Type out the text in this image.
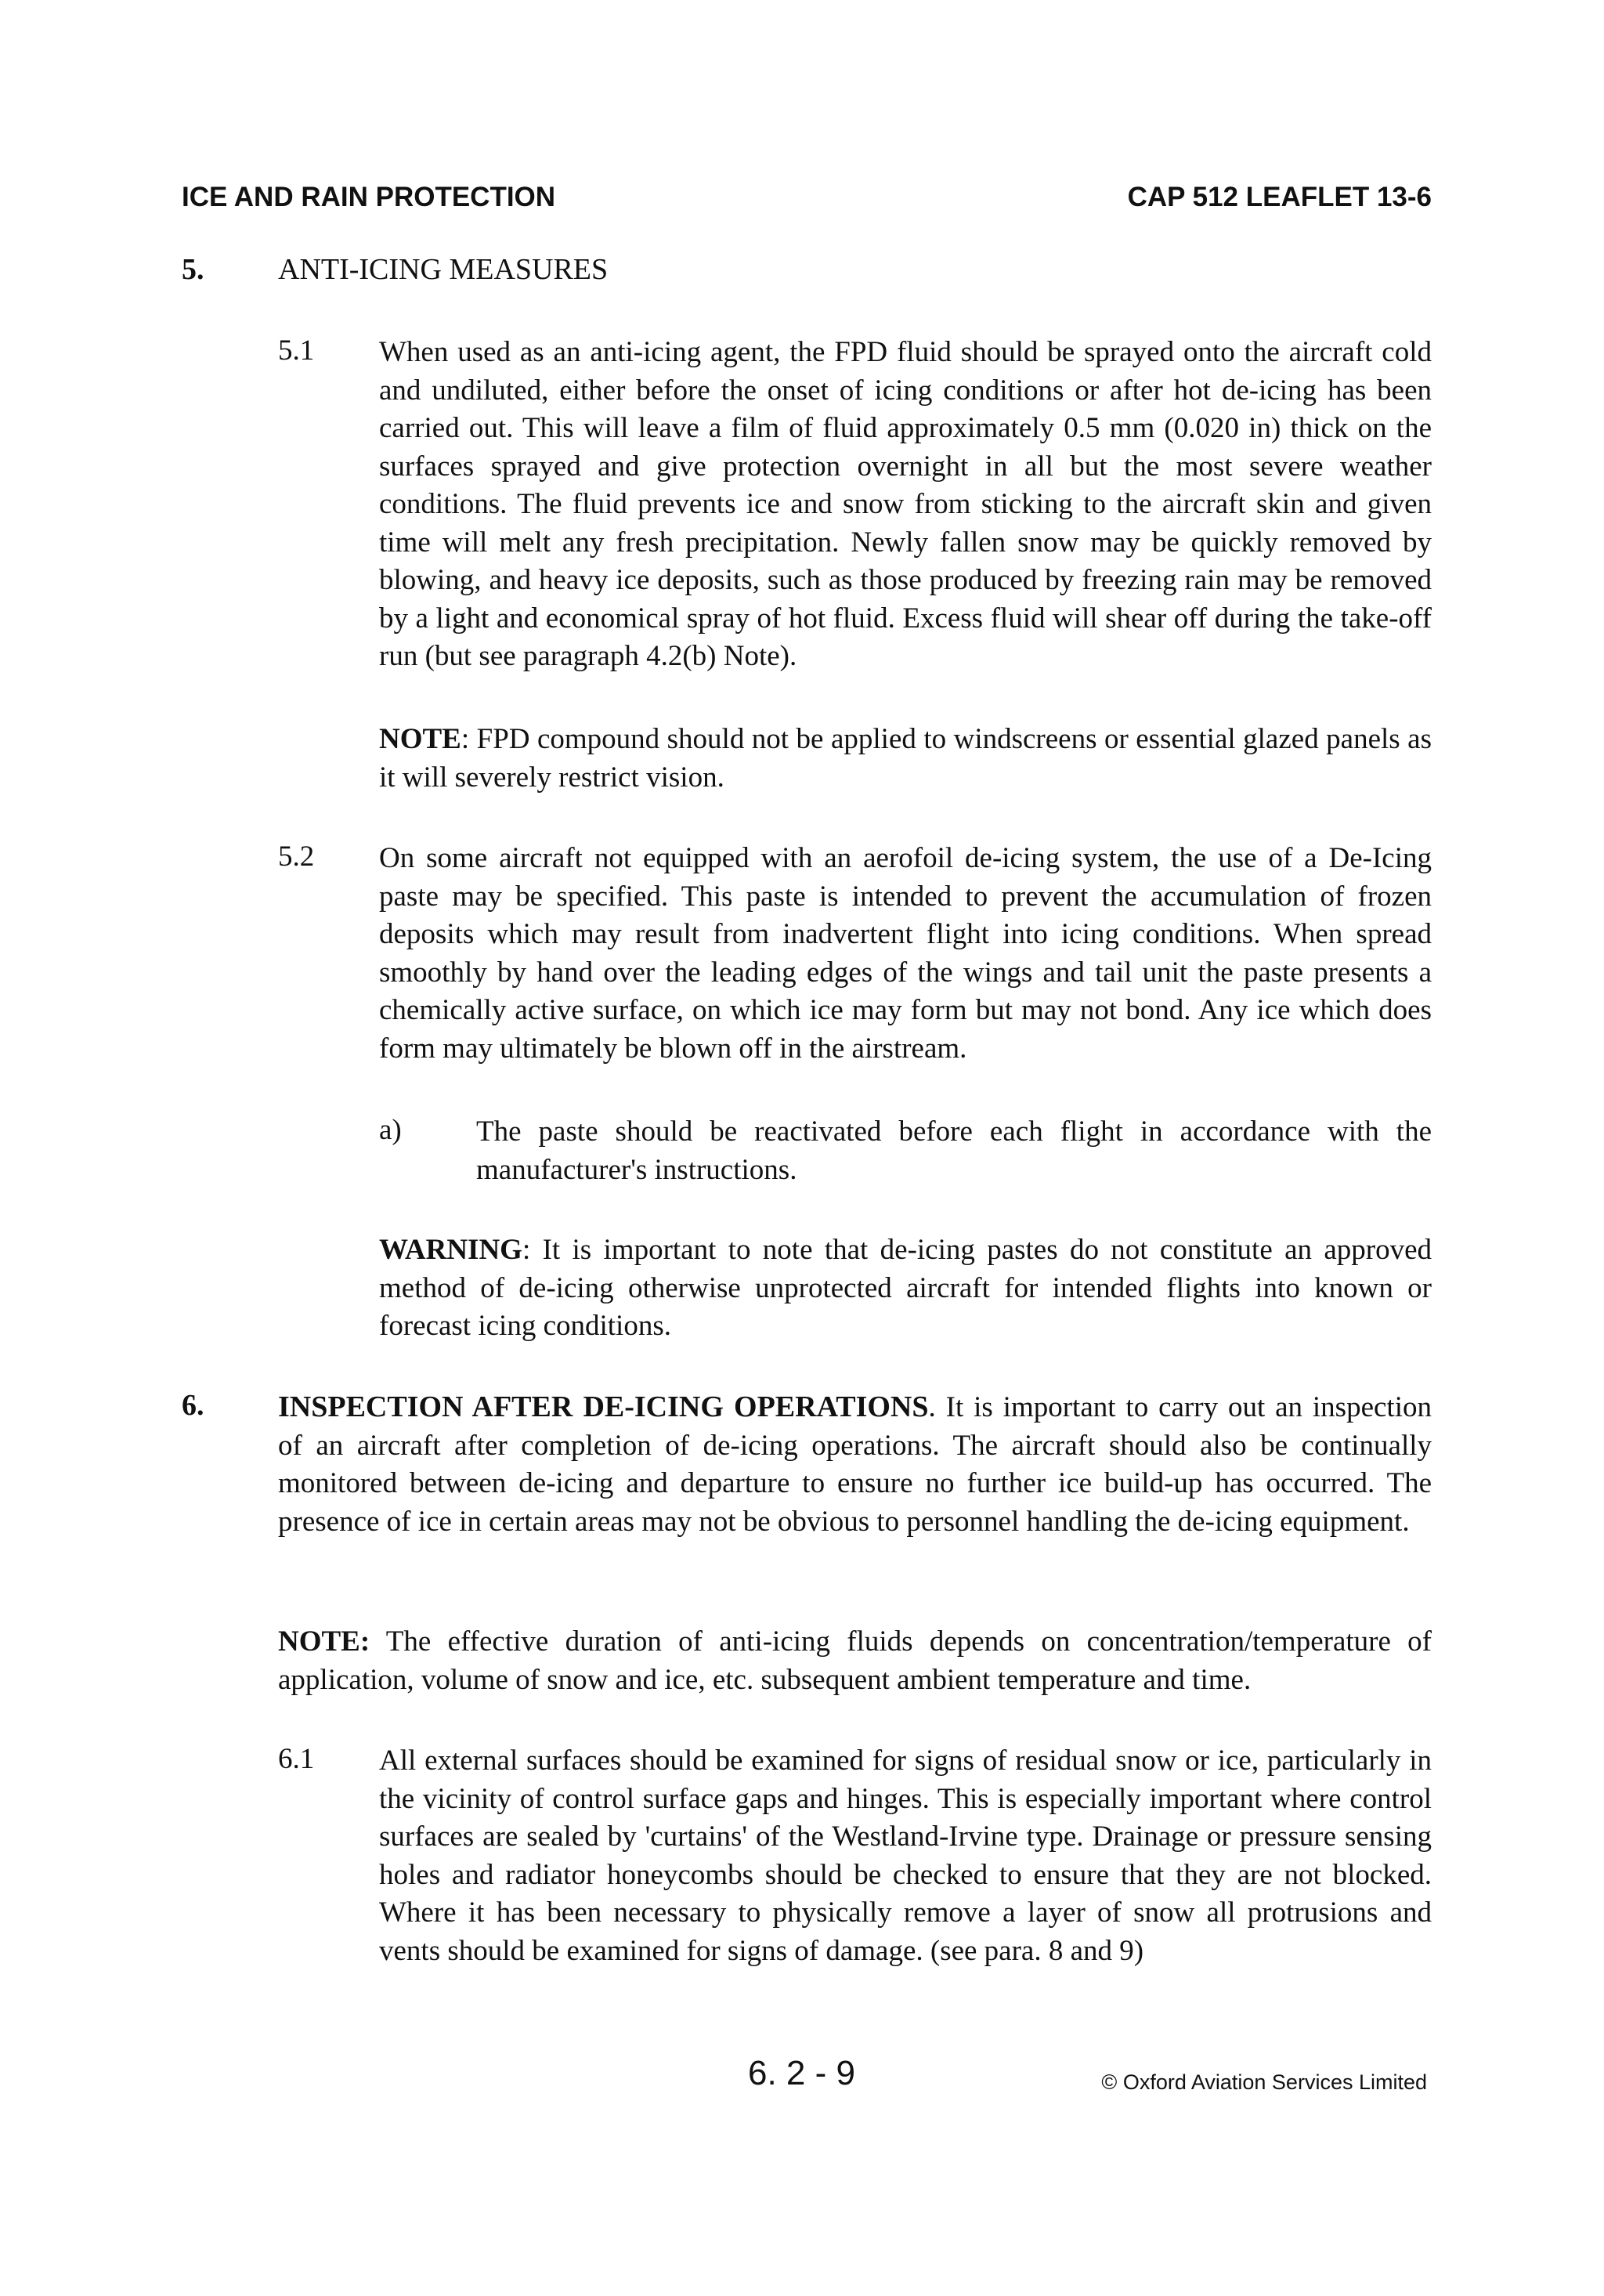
ICE AND RAIN PROTECTION	CAP 512 LEAFLET 13-6
5. ANTI-ICING MEASURES
5.1 When used as an anti-icing agent, the FPD fluid should be sprayed onto the aircraft cold and undiluted, either before the onset of icing conditions or after hot de-icing has been carried out. This will leave a film of fluid approximately 0.5 mm (0.020 in) thick on the surfaces sprayed and give protection overnight in all but the most severe weather conditions. The fluid prevents ice and snow from sticking to the aircraft skin and given time will melt any fresh precipitation. Newly fallen snow may be quickly removed by blowing, and heavy ice deposits, such as those produced by freezing rain may be removed by a light and economical spray of hot fluid. Excess fluid will shear off during the take-off run (but see paragraph 4.2(b) Note).

NOTE: FPD compound should not be applied to windscreens or essential glazed panels as it will severely restrict vision.

5.2 On some aircraft not equipped with an aerofoil de-icing system, the use of a De-Icing paste may be specified. This paste is intended to prevent the accumulation of frozen deposits which may result from inadvertent flight into icing conditions. When spread smoothly by hand over the leading edges of the wings and tail unit the paste presents a chemically active surface, on which ice may form but may not bond. Any ice which does form may ultimately be blown off in the airstream.

a)	The paste should be reactivated before each flight in accordance with the manufacturer's instructions.

WARNING: It is important to note that de-icing pastes do not constitute an approved method of de-icing otherwise unprotected aircraft for intended flights into known or forecast icing conditions.

6. INSPECTION AFTER DE-ICING OPERATIONS. It is important to carry out an inspection of an aircraft after completion of de-icing operations. The aircraft should also be continually monitored between de-icing and departure to ensure no further ice build-up has occurred. The presence of ice in certain areas may not be obvious to personnel handling the de-icing equipment.

NOTE: The effective duration of anti-icing fluids depends on concentration/temperature of application, volume of snow and ice, etc. subsequent ambient temperature and time.

6.1 All external surfaces should be examined for signs of residual snow or ice, particularly in the vicinity of control surface gaps and hinges. This is especially important where control surfaces are sealed by 'curtains' of the Westland-Irvine type. Drainage or pressure sensing holes and radiator honeycombs should be checked to ensure that they are not blocked. Where it has been necessary to physically remove a layer of snow all protrusions and vents should be examined for signs of damage. (see para. 8 and 9)

6. 2 - 9	© Oxford Aviation Services Limited
